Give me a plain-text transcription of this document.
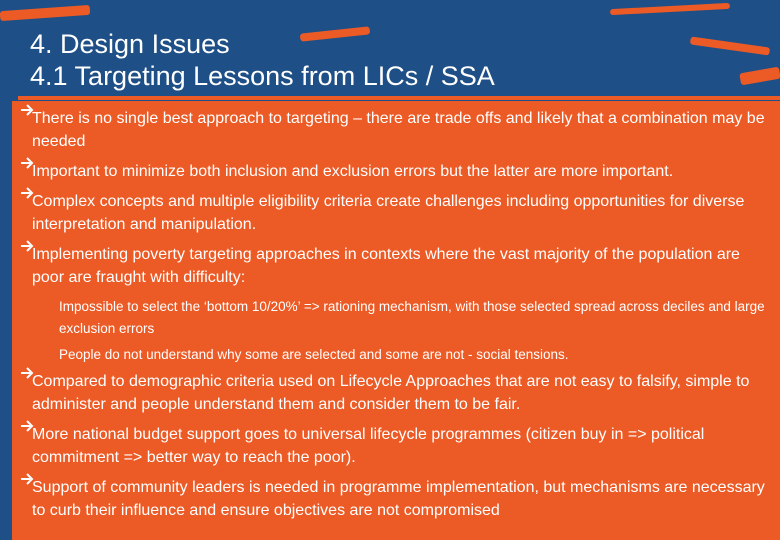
4. Design Issues
4.1 Targeting Lessons from LICs / SSA
There is no single best approach to targeting – there are trade offs and likely that a combination may be needed
Important to minimize both inclusion and exclusion errors but the latter are more important.
Complex concepts and multiple eligibility criteria create challenges including opportunities for diverse interpretation and manipulation.
Implementing poverty targeting approaches in contexts where the vast majority of the population are poor are fraught with difficulty:
Impossible to select the ‘bottom 10/20%’ => rationing mechanism, with those selected spread across deciles and large exclusion errors
People do not understand why some are selected and some are not - social tensions.
Compared to demographic criteria used on Lifecycle Approaches that are not easy to falsify, simple to administer and people understand them and consider them to be fair.
More national budget support goes to universal lifecycle programmes (citizen buy in => political commitment => better way to reach the poor).
Support of community leaders is needed in programme implementation, but mechanisms are necessary to curb their influence and ensure objectives are not compromised
